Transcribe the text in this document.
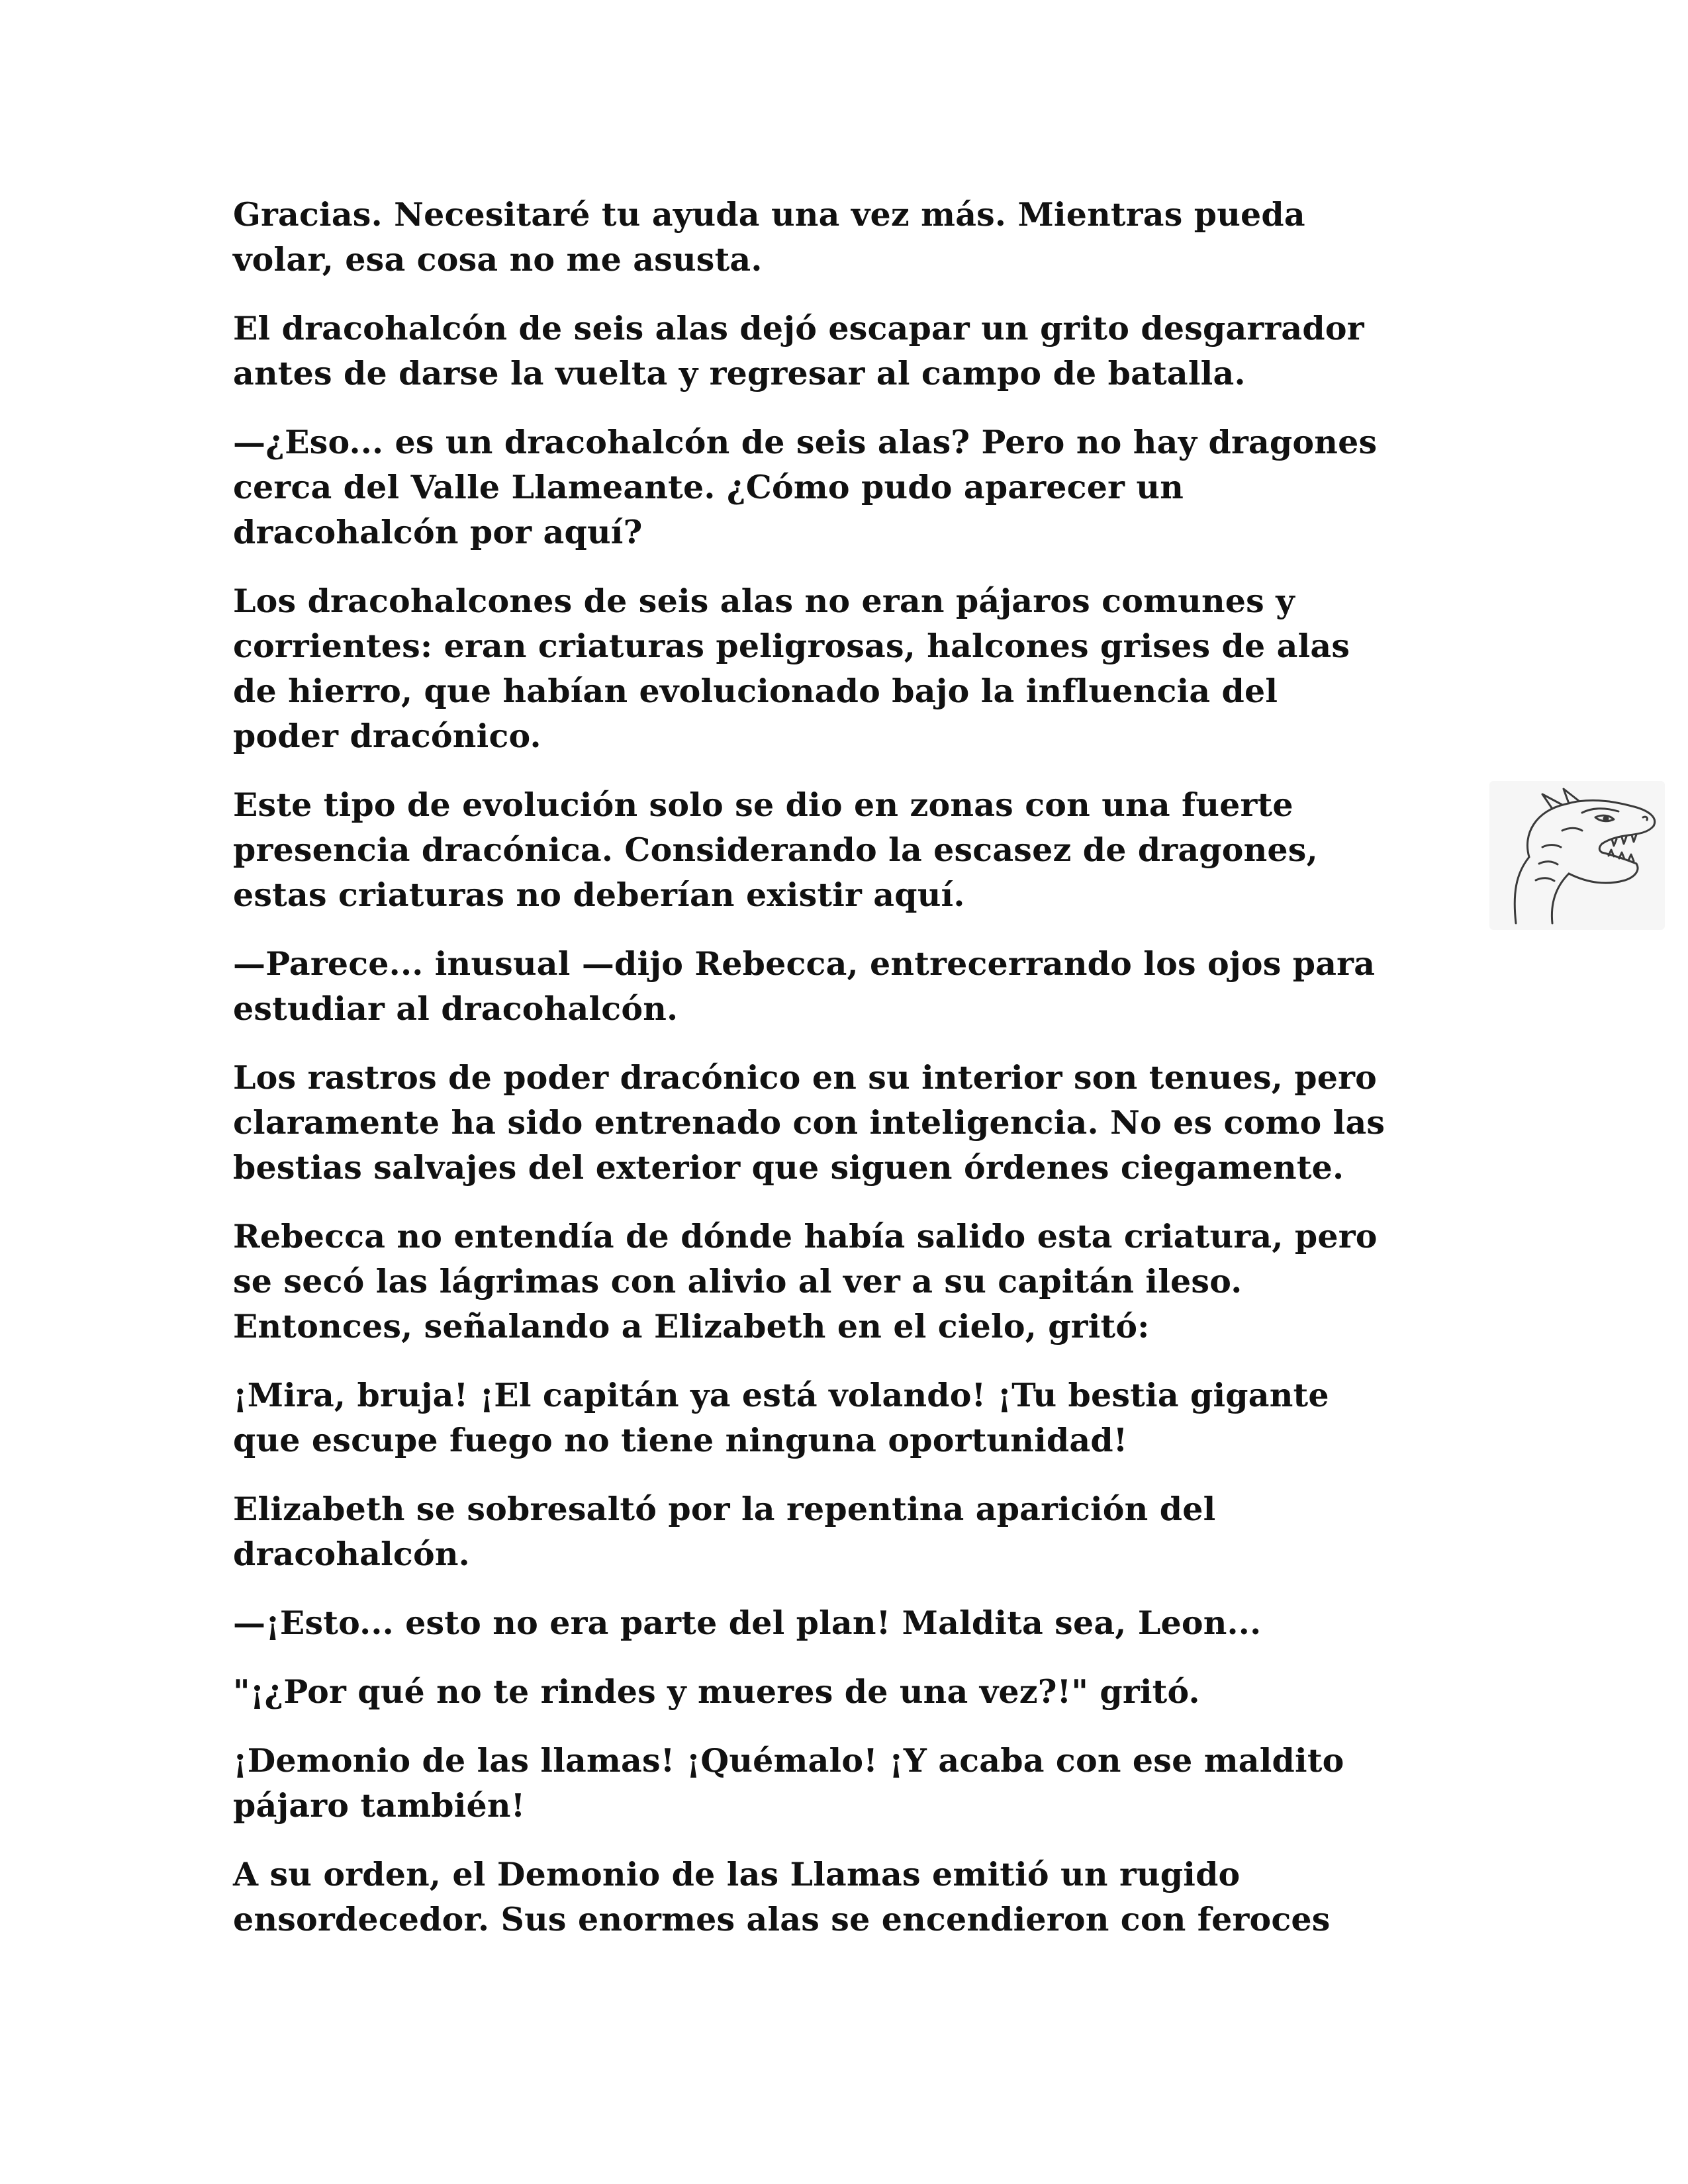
Gracias. Necesitaré tu ayuda una vez más. Mientras pueda
volar, esa cosa no me asusta.

El dracohalcón de seis alas dejó escapar un grito desgarrador
antes de darse la vuelta y regresar al campo de batalla.

—¿Eso... es un dracohalcón de seis alas? Pero no hay dragones
cerca del Valle Llameante. ¿Cómo pudo aparecer un
dracohalcón por aquí?

Los dracohalcones de seis alas no eran pájaros comunes y
corrientes: eran criaturas peligrosas, halcones grises de alas
de hierro, que habían evolucionado bajo la influencia del
poder dracónico.

Este tipo de evolución solo se dio en zonas con una fuerte
presencia dracónica. Considerando la escasez de dragones,
estas criaturas no deberían existir aquí.

—Parece... inusual —dijo Rebecca, entrecerrando los ojos para
estudiar al dracohalcón.

Los rastros de poder dracónico en su interior son tenues, pero
claramente ha sido entrenado con inteligencia. No es como las
bestias salvajes del exterior que siguen órdenes ciegamente.

Rebecca no entendía de dónde había salido esta criatura, pero
se secó las lágrimas con alivio al ver a su capitán ileso.
Entonces, señalando a Elizabeth en el cielo, gritó:

¡Mira, bruja! ¡El capitán ya está volando! ¡Tu bestia gigante
que escupe fuego no tiene ninguna oportunidad!

Elizabeth se sobresaltó por la repentina aparición del
dracohalcón.

—¡Esto... esto no era parte del plan! Maldita sea, Leon...

"¡¿Por qué no te rindes y mueres de una vez?!" gritó.

¡Demonio de las llamas! ¡Quémalo! ¡Y acaba con ese maldito
pájaro también!

A su orden, el Demonio de las Llamas emitió un rugido
ensordecedor. Sus enormes alas se encendieron con feroces
